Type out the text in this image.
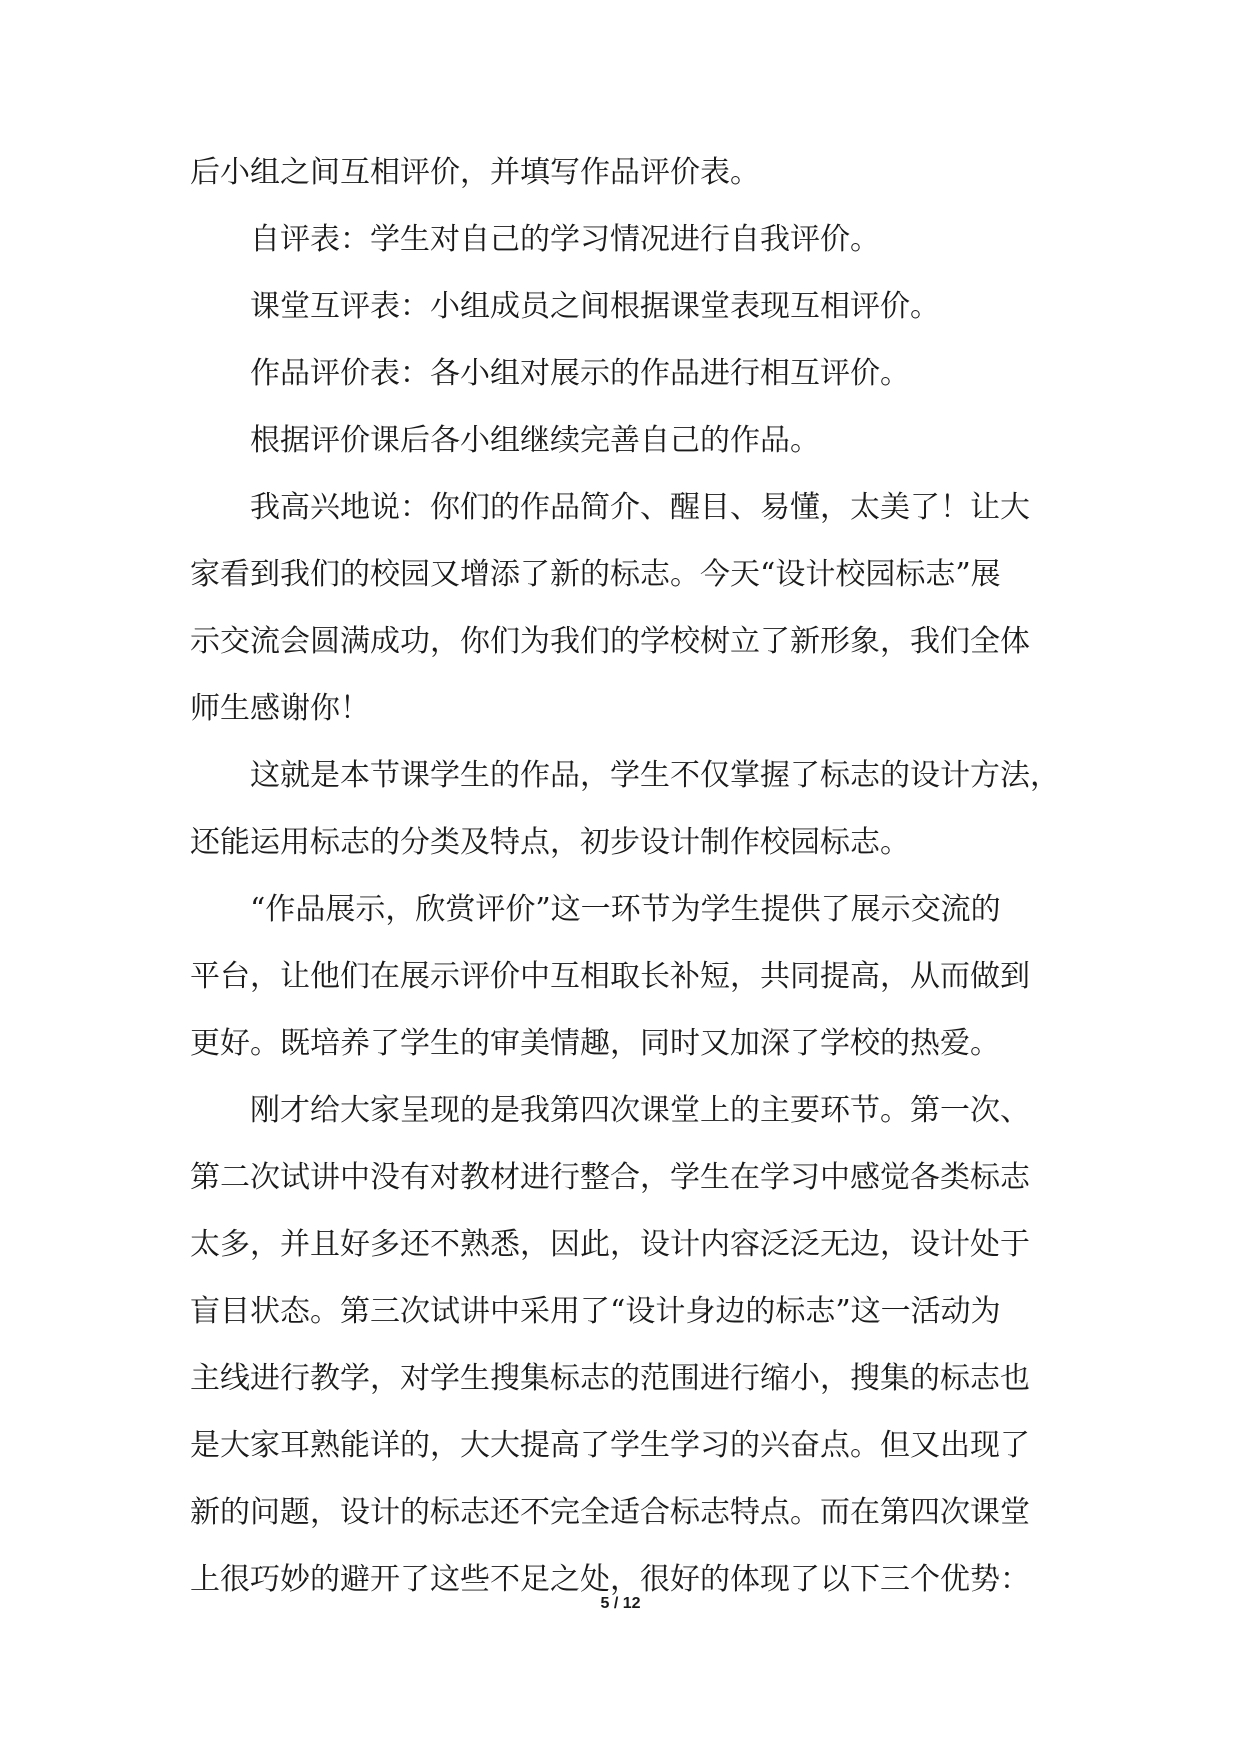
后小组之间互相评价，并填写作品评价表。
自评表：学生对自己的学习情况进行自我评价。
课堂互评表：小组成员之间根据课堂表现互相评价。
作品评价表：各小组对展示的作品进行相互评价。
根据评价课后各小组继续完善自己的作品。
我高兴地说：你们的作品简介、醒目、易懂，太美了！让大
家看到我们的校园又增添了新的标志。今天“设计校园标志”展
示交流会圆满成功，你们为我们的学校树立了新形象，我们全体
师生感谢你！
这就是本节课学生的作品，学生不仅掌握了标志的设计方法，
还能运用标志的分类及特点，初步设计制作校园标志。
“作品展示，欣赏评价”这一环节为学生提供了展示交流的
平台，让他们在展示评价中互相取长补短，共同提高，从而做到
更好。既培养了学生的审美情趣，同时又加深了学校的热爱。
刚才给大家呈现的是我第四次课堂上的主要环节。第一次、
第二次试讲中没有对教材进行整合，学生在学习中感觉各类标志
太多，并且好多还不熟悉，因此，设计内容泛泛无边，设计处于
盲目状态。第三次试讲中采用了“设计身边的标志”这一活动为
主线进行教学，对学生搜集标志的范围进行缩小，搜集的标志也
是大家耳熟能详的，大大提高了学生学习的兴奋点。但又出现了
新的问题，设计的标志还不完全适合标志特点。而在第四次课堂
上很巧妙的避开了这些不足之处，很好的体现了以下三个优势：
5 / 12
